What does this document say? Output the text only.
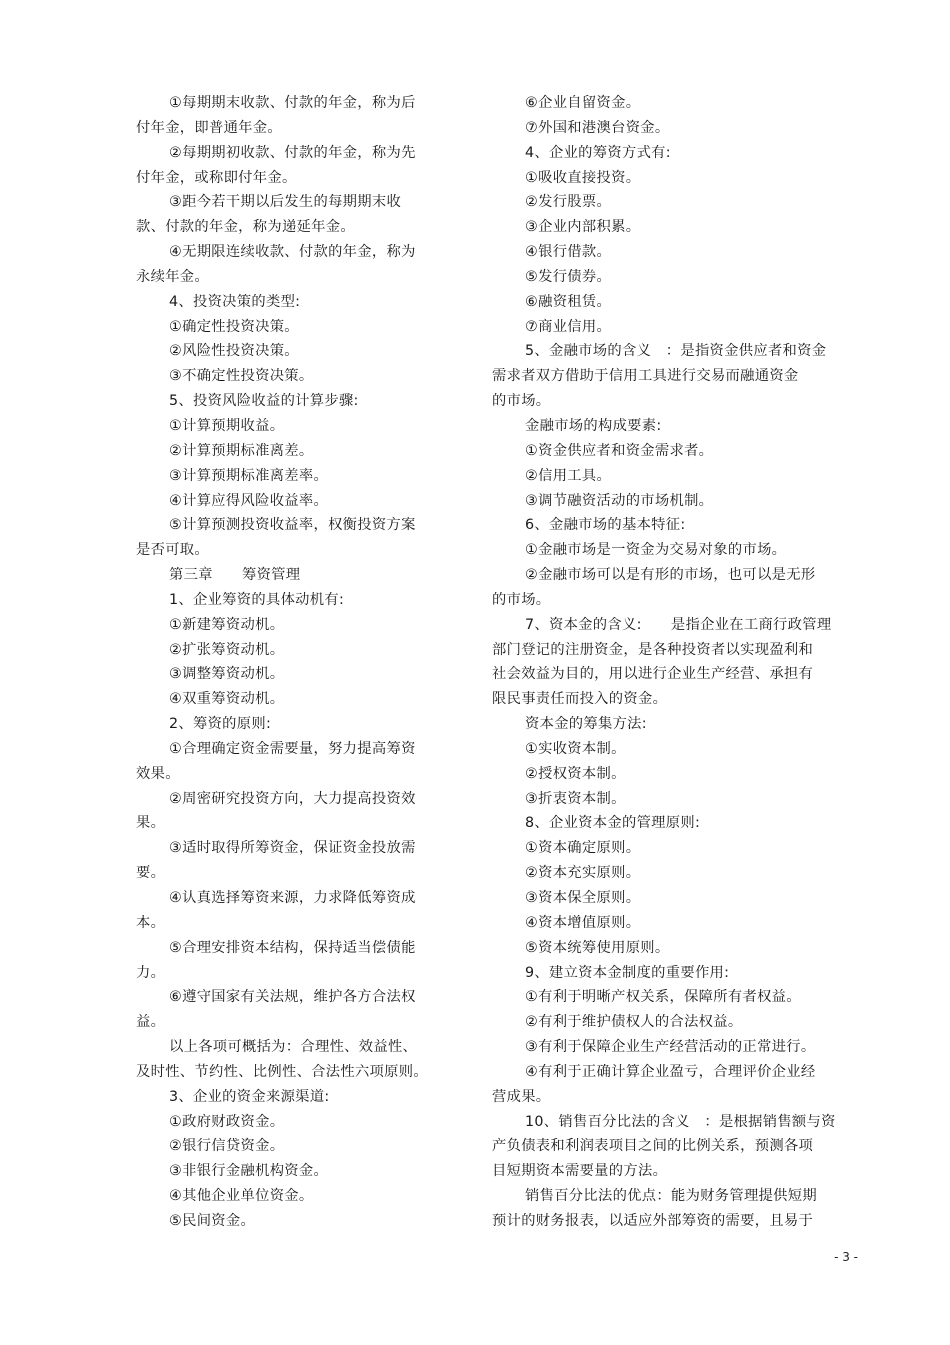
①每期期末收款、付款的年金，称为后
付年金，即普通年金。
②每期期初收款、付款的年金，称为先
付年金，或称即付年金。
③距今若干期以后发生的每期期末收
款、付款的年金，称为递延年金。
④无期限连续收款、付款的年金，称为
永续年金。
4、投资决策的类型:
①确定性投资决策。
②风险性投资决策。
③不确定性投资决策。
5、投资风险收益的计算步骤:
①计算预期收益。
②计算预期标准离差。
③计算预期标准离差率。
④计算应得风险收益率。
⑤计算预测投资收益率，权衡投资方案
是否可取。
第三章　　筹资管理
1、企业筹资的具体动机有:
①新建筹资动机。
②扩张筹资动机。
③调整筹资动机。
④双重筹资动机。
2、筹资的原则:
①合理确定资金需要量，努力提高筹资
效果。
②周密研究投资方向，大力提高投资效
果。
③适时取得所筹资金，保证资金投放需
要。
④认真选择筹资来源，力求降低筹资成
本。
⑤合理安排资本结构，保持适当偿债能
力。
⑥遵守国家有关法规，维护各方合法权
益。
以上各项可概括为：合理性、效益性、
及时性、节约性、比例性、合法性六项原则。
3、企业的资金来源渠道:
①政府财政资金。
②银行信贷资金。
③非银行金融机构资金。
④其他企业单位资金。
⑤民间资金。
⑥企业自留资金。
⑦外国和港澳台资金。
4、企业的筹资方式有:
①吸收直接投资。
②发行股票。
③企业内部积累。
④银行借款。
⑤发行债券。
⑥融资租赁。
⑦商业信用。
5、金融市场的含义　：是指资金供应者和资金
需求者双方借助于信用工具进行交易而融通资金
的市场。
金融市场的构成要素:
①资金供应者和资金需求者。
②信用工具。
③调节融资活动的市场机制。
6、金融市场的基本特征:
①金融市场是一资金为交易对象的市场。
②金融市场可以是有形的市场，也可以是无形
的市场。
7、资本金的含义:　　是指企业在工商行政管理
部门登记的注册资金，是各种投资者以实现盈利和
社会效益为目的，用以进行企业生产经营、承担有
限民事责任而投入的资金。
资本金的筹集方法:
①实收资本制。
②授权资本制。
③折衷资本制。
8、企业资本金的管理原则:
①资本确定原则。
②资本充实原则。
③资本保全原则。
④资本增值原则。
⑤资本统筹使用原则。
9、建立资本金制度的重要作用:
①有利于明晰产权关系，保障所有者权益。
②有利于维护债权人的合法权益。
③有利于保障企业生产经营活动的正常进行。
④有利于正确计算企业盈亏，合理评价企业经
营成果。
10、销售百分比法的含义　：是根据销售额与资
产负债表和利润表项目之间的比例关系，预测各项
目短期资本需要量的方法。
销售百分比法的优点：能为财务管理提供短期
预计的财务报表，以适应外部筹资的需要，且易于
- 3 -
